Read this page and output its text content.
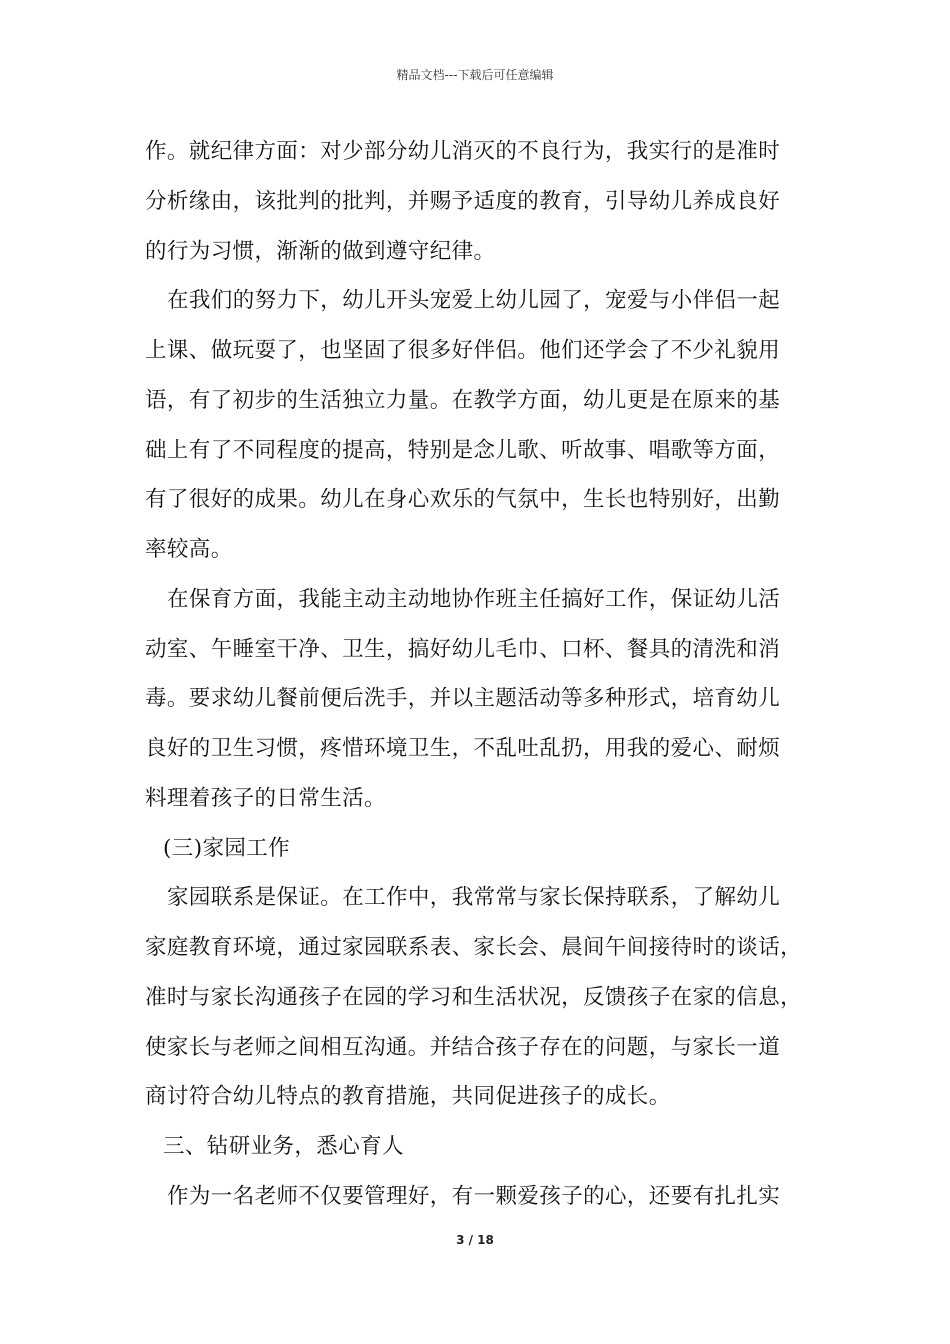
精品文档---下载后可任意编辑
作。就纪律方面：对少部分幼儿消灭的不良行为，我实行的是准时
分析缘由，该批判的批判，并赐予适度的教育，引导幼儿养成良好
的行为习惯，渐渐的做到遵守纪律。
在我们的努力下，幼儿开头宠爱上幼儿园了，宠爱与小伴侣一起
上课、做玩耍了，也坚固了很多好伴侣。他们还学会了不少礼貌用
语，有了初步的生活独立力量。在教学方面，幼儿更是在原来的基
础上有了不同程度的提高，特别是念儿歌、听故事、唱歌等方面，
有了很好的成果。幼儿在身心欢乐的气氛中，生长也特别好，出勤
率较高。
在保育方面，我能主动主动地协作班主任搞好工作，保证幼儿活
动室、午睡室干净、卫生，搞好幼儿毛巾、口杯、餐具的清洗和消
毒。要求幼儿餐前便后洗手，并以主题活动等多种形式，培育幼儿
良好的卫生习惯，疼惜环境卫生，不乱吐乱扔，用我的爱心、耐烦
料理着孩子的日常生活。
(三)家园工作
家园联系是保证。在工作中，我常常与家长保持联系，了解幼儿
家庭教育环境，通过家园联系表、家长会、晨间午间接待时的谈话，
准时与家长沟通孩子在园的学习和生活状况，反馈孩子在家的信息，
使家长与老师之间相互沟通。并结合孩子存在的问题，与家长一道
商讨符合幼儿特点的教育措施，共同促进孩子的成长。
三、钻研业务，悉心育人
作为一名老师不仅要管理好，有一颗爱孩子的心，还要有扎扎实
3 / 18
